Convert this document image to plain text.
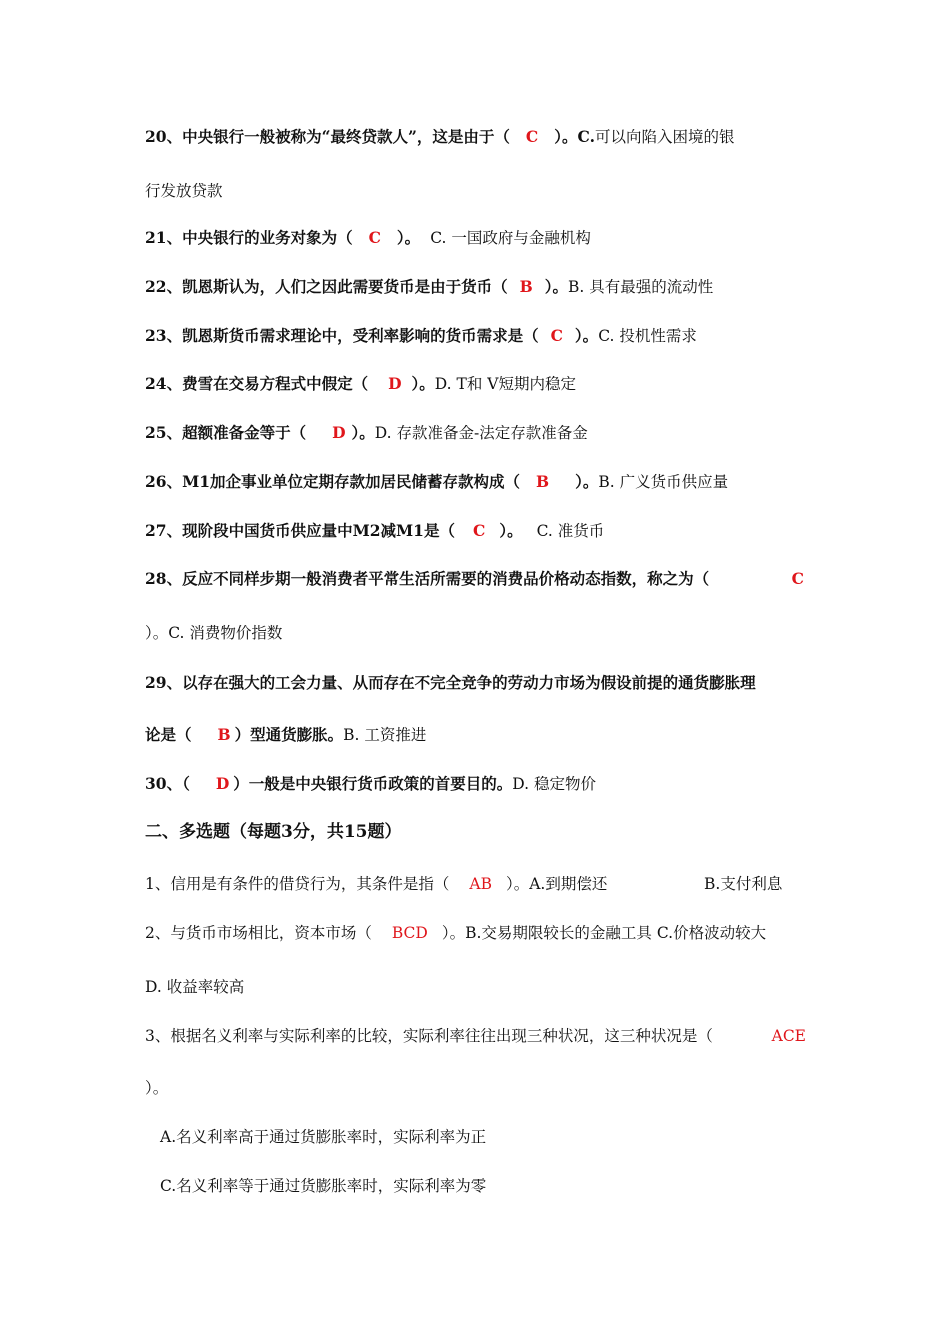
20、中央银行一般被称为“最终贷款人”，这是由于（ C ）。C.可以向陷入困境的银
行发放贷款
21、中央银行的业务对象为（ C ）。 C. 一国政府与金融机构
22、凯恩斯认为，人们之因此需要货币是由于货币（ B ）。B. 具有最强的流动性
23、凯恩斯货币需求理论中，受利率影响的货币需求是（ C ）。C. 投机性需求
24、费雪在交易方程式中假定（ D ）。D. T和 V短期内稳定
25、超额准备金等于（ D ）。D. 存款准备金-法定存款准备金
26、M1加企事业单位定期存款加居民储蓄存款构成（ B ）。B. 广义货币供应量
27、现阶段中国货币供应量中M2减M1是（ C ）。 C. 准货币
28、反应不同样步期一般消费者平常生活所需要的消费品价格动态指数，称之为（	C
）。C. 消费物价指数
29、以存在强大的工会力量、从而存在不完全竞争的劳动力市场为假设前提的通货膨胀理
论是（ B ）型通货膨胀。B. 工资推进
30、（ D ）一般是中央银行货币政策的首要目的。D. 稳定物价
二、多选题（每题3分，共15题）
1、信用是有条件的借贷行为，其条件是指（ AB ）。A.到期偿还	B.支付利息
2、与货币市场相比，资本市场（ BCD ）。B.交易期限较长的金融工具 C.价格波动较大
D. 收益率较高
3、根据名义利率与实际利率的比较，实际利率往往出现三种状况，这三种状况是（	ACE
）。
A.名义利率高于通过货膨胀率时，实际利率为正
C.名义利率等于通过货膨胀率时，实际利率为零
